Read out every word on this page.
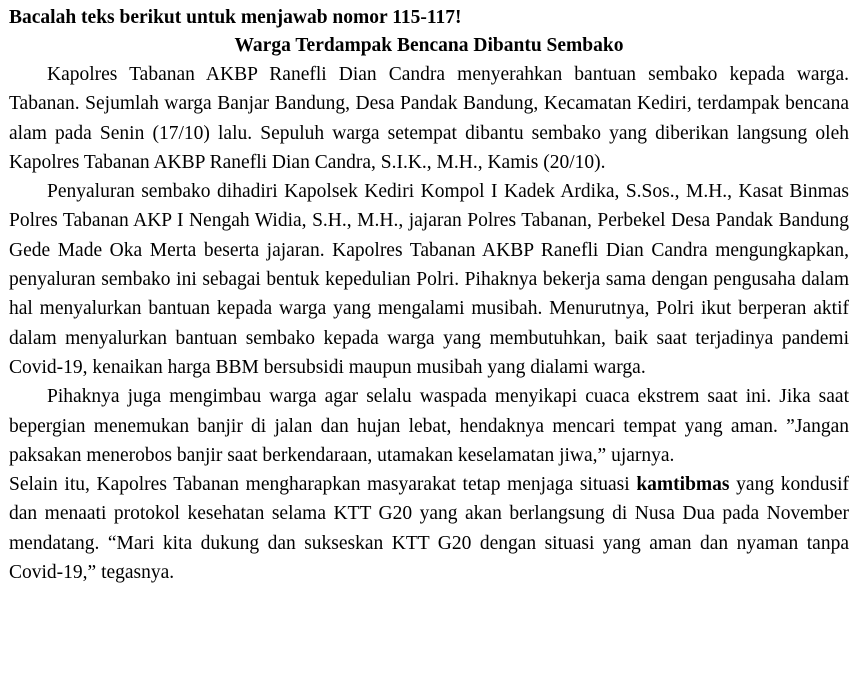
Bacalah teks berikut untuk menjawab nomor 115-117!

Warga Terdampak Bencana Dibantu Sembako

Kapolres Tabanan AKBP Ranefli Dian Candra menyerahkan bantuan sembako kepada warga. Tabanan. Sejumlah warga Banjar Bandung, Desa Pandak Bandung, Kecamatan Kediri, terdampak bencana alam pada Senin (17/10) lalu. Sepuluh warga setempat dibantu sembako yang diberikan langsung oleh Kapolres Tabanan AKBP Ranefli Dian Candra, S.I.K., M.H., Kamis (20/10).

Penyaluran sembako dihadiri Kapolsek Kediri Kompol I Kadek Ardika, S.Sos., M.H., Kasat Binmas Polres Tabanan AKP I Nengah Widia, S.H., M.H., jajaran Polres Tabanan, Perbekel Desa Pandak Bandung Gede Made Oka Merta beserta jajaran. Kapolres Tabanan AKBP Ranefli Dian Candra mengungkapkan, penyaluran sembako ini sebagai bentuk kepedulian Polri. Pihaknya bekerja sama dengan pengusaha dalam hal menyalurkan bantuan kepada warga yang mengalami musibah. Menurutnya, Polri ikut berperan aktif dalam menyalurkan bantuan sembako kepada warga yang membutuhkan, baik saat terjadinya pandemi Covid-19, kenaikan harga BBM bersubsidi maupun musibah yang dialami warga.

Pihaknya juga mengimbau warga agar selalu waspada menyikapi cuaca ekstrem saat ini. Jika saat bepergian menemukan banjir di jalan dan hujan lebat, hendaknya mencari tempat yang aman. ”Jangan paksakan menerobos banjir saat berkendaraan, utamakan keselamatan jiwa,” ujarnya.

Selain itu, Kapolres Tabanan mengharapkan masyarakat tetap menjaga situasi kamtibmas yang kondusif dan menaati protokol kesehatan selama KTT G20 yang akan berlangsung di Nusa Dua pada November mendatang. “Mari kita dukung dan sukseskan KTT G20 dengan situasi yang aman dan nyaman tanpa Covid-19,” tegasnya.
